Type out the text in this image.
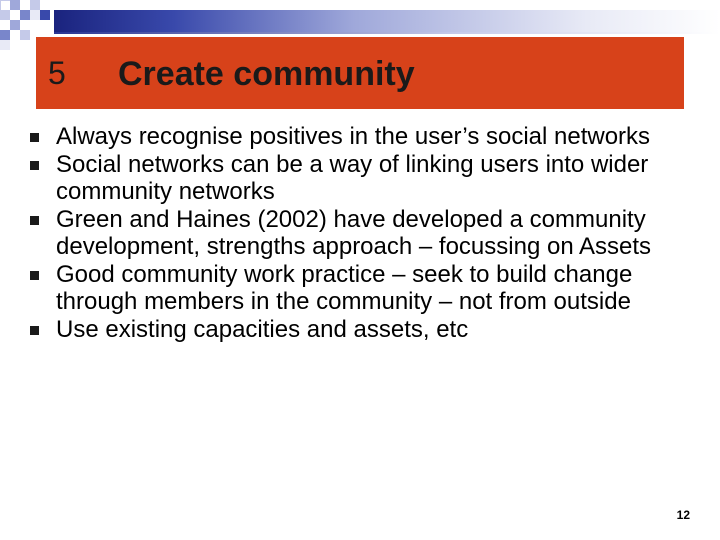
5 Create community
Always recognise positives in the user’s social networks
Social networks can be a way of linking users into wider community networks
Green and Haines (2002) have developed a community development, strengths approach – focussing on Assets
Good community work practice – seek to build change through members in the community – not from outside
Use existing capacities and assets, etc
12
